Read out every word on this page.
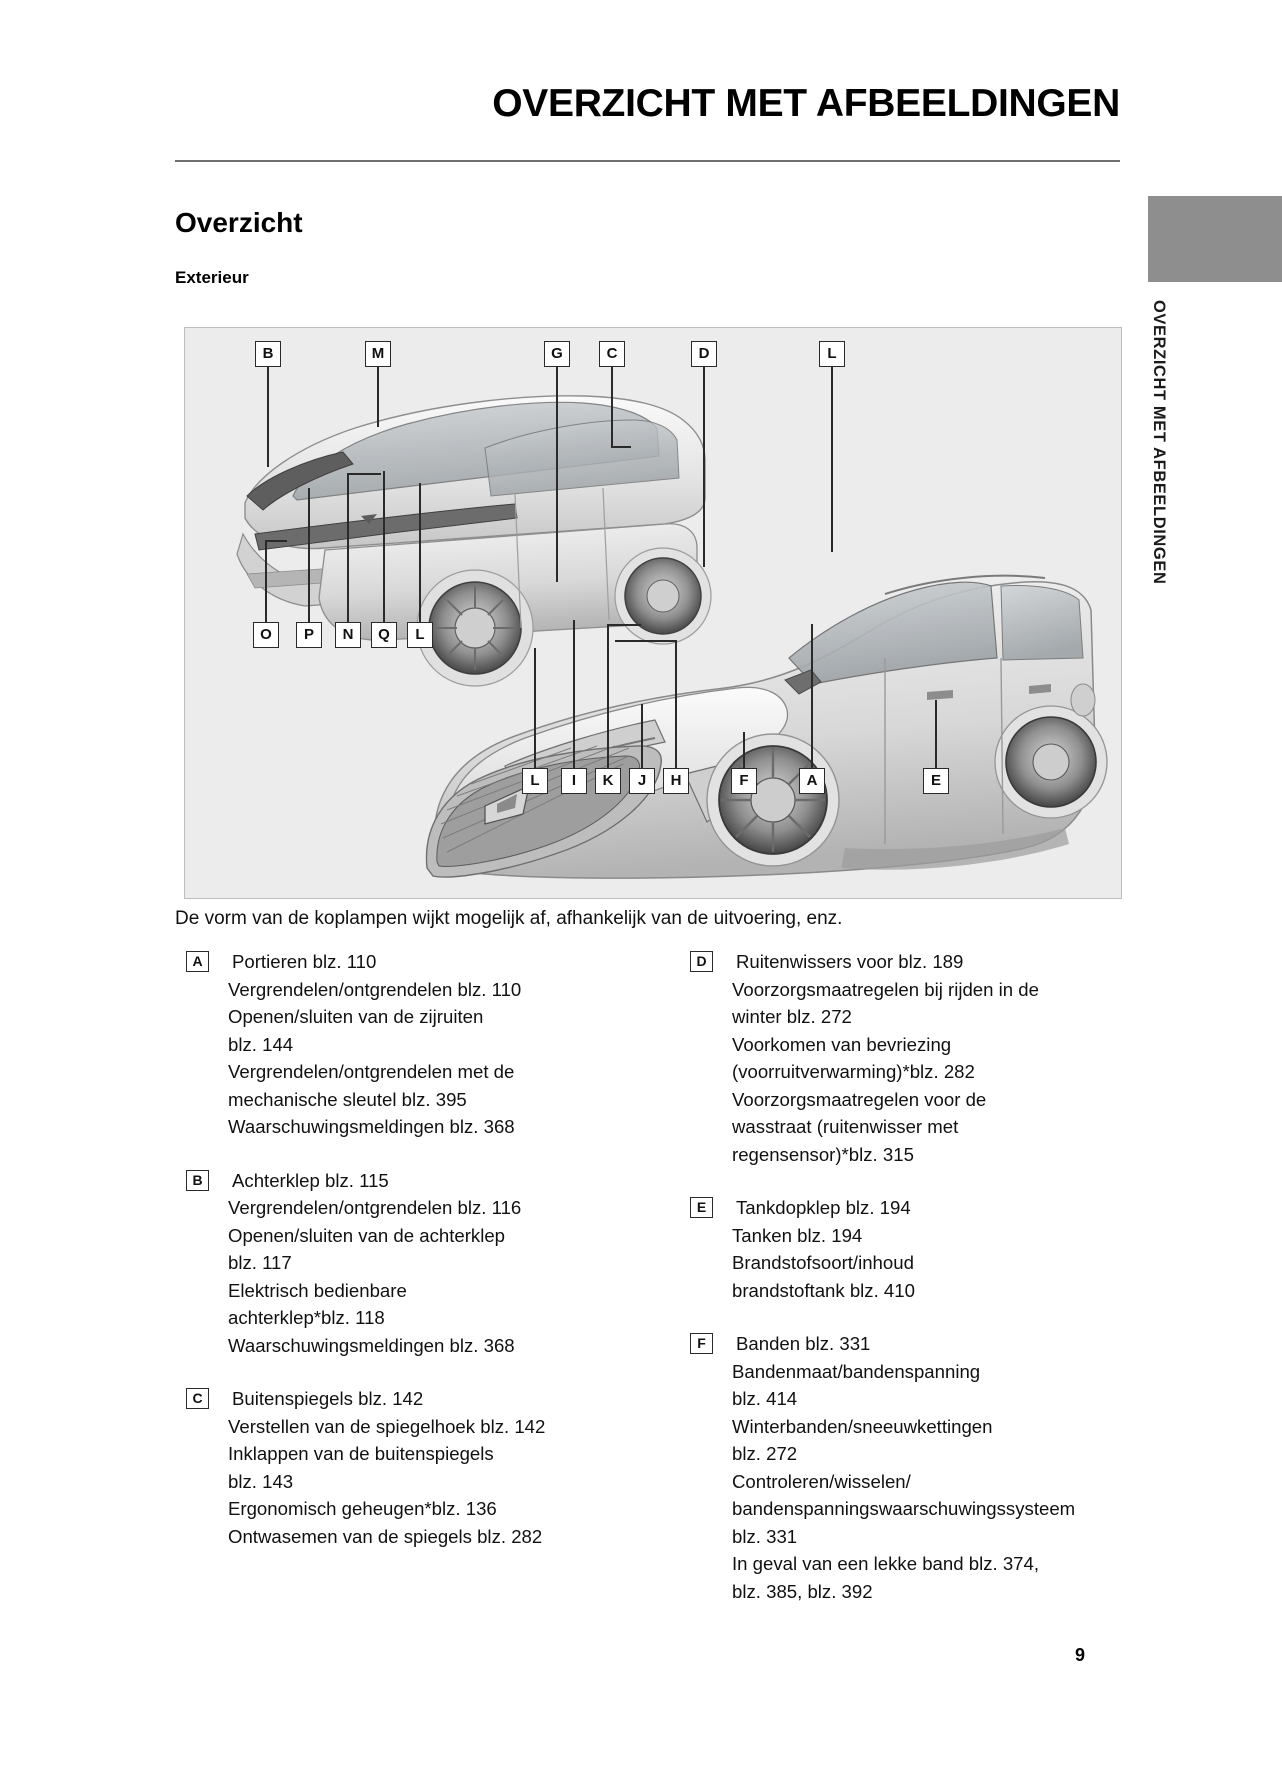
OVERZICHT MET AFBEELDINGEN
OVERZICHT MET AFBEELDINGEN
Overzicht
Exterieur
B	M	G	C	D	L
O	P	N	Q	L
L	I	K	J	H	F	A	E
De vorm van de koplampen wijkt mogelijk af, afhankelijk van de uitvoering, enz.
A	Portieren blz. 110
Vergrendelen/ontgrendelen blz. 110
Openen/sluiten van de zijruiten
blz. 144
Vergrendelen/ontgrendelen met de
mechanische sleutel blz. 395
Waarschuwingsmeldingen blz. 368
B	Achterklep blz. 115
Vergrendelen/ontgrendelen blz. 116
Openen/sluiten van de achterklep
blz. 117
Elektrisch bedienbare
achterklep*blz. 118
Waarschuwingsmeldingen blz. 368
C	Buitenspiegels blz. 142
Verstellen van de spiegelhoek blz. 142
Inklappen van de buitenspiegels
blz. 143
Ergonomisch geheugen*blz. 136
Ontwasemen van de spiegels blz. 282
D	Ruitenwissers voor blz. 189
Voorzorgsmaatregelen bij rijden in de
winter blz. 272
Voorkomen van bevriezing
(voorruitverwarming)*blz. 282
Voorzorgsmaatregelen voor de
wasstraat (ruitenwisser met
regensensor)*blz. 315
E	Tankdopklep blz. 194
Tanken blz. 194
Brandstofsoort/inhoud
brandstoftank blz. 410
F	Banden blz. 331
Bandenmaat/bandenspanning
blz. 414
Winterbanden/sneeuwkettingen
blz. 272
Controleren/wisselen/
bandenspanningswaarschuwingssysteem
blz. 331
In geval van een lekke band blz. 374,
blz. 385, blz. 392
9
